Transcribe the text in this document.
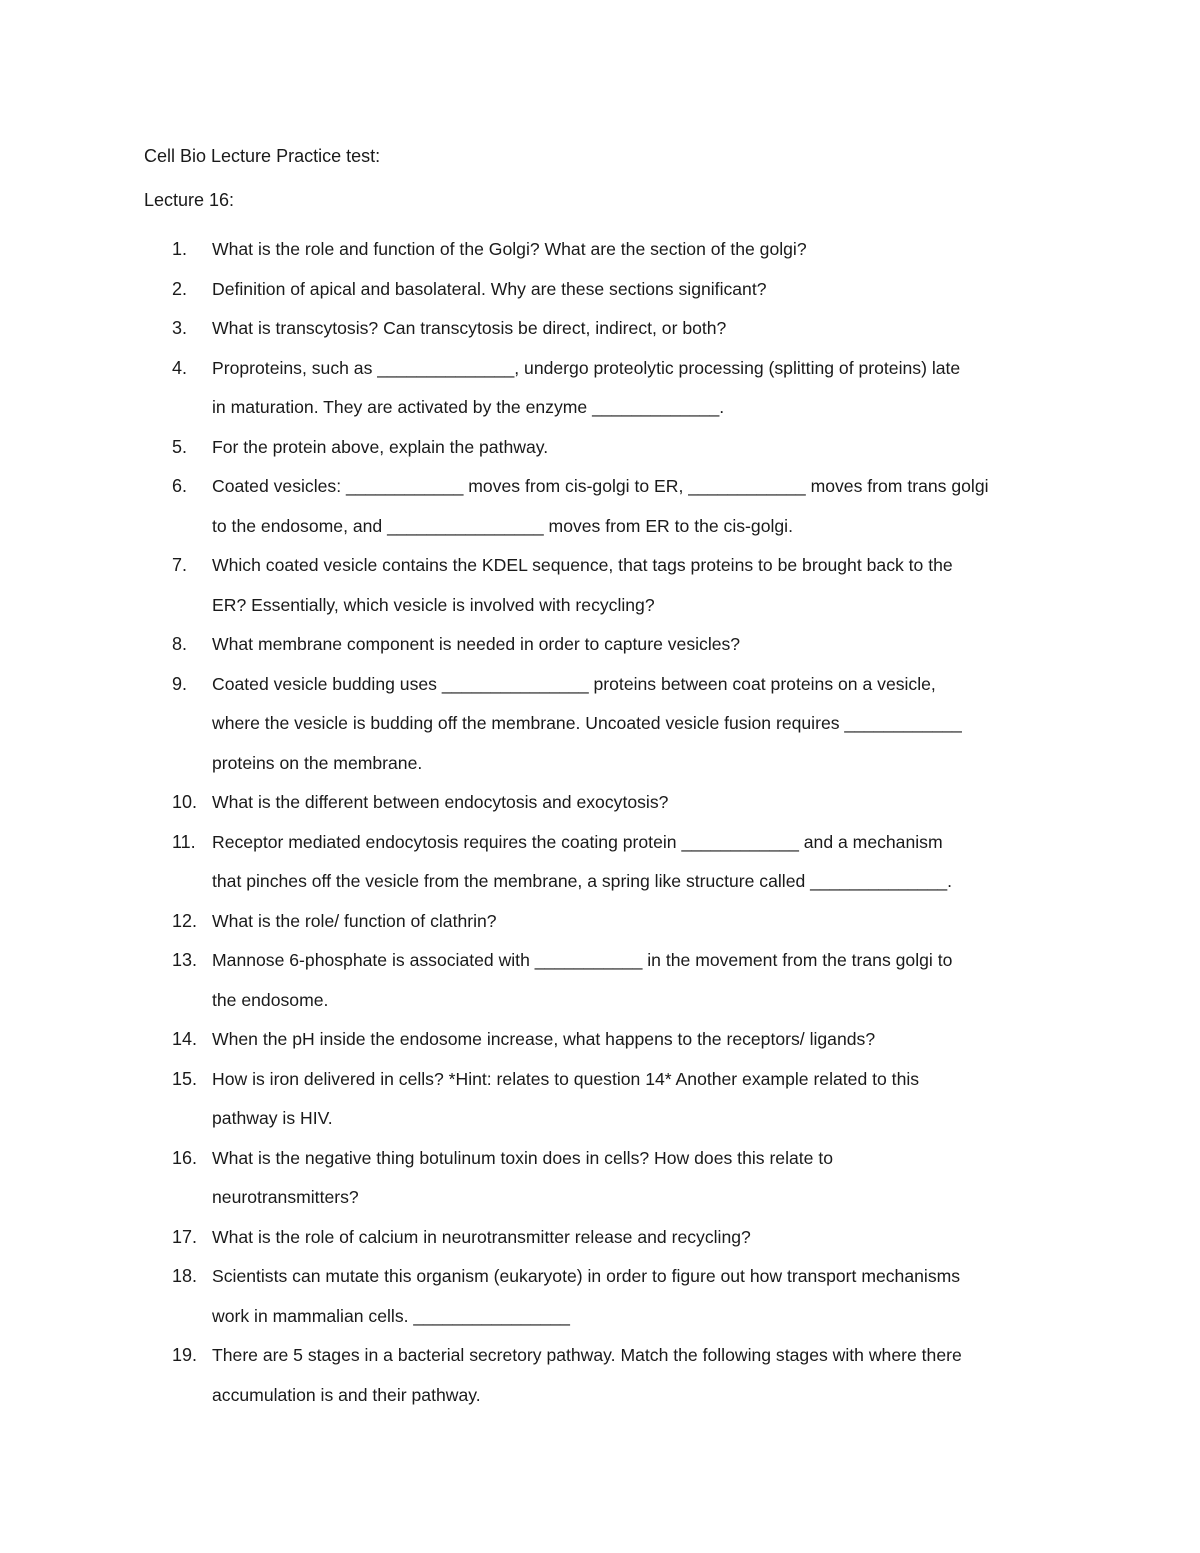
Cell Bio Lecture Practice test:
Lecture 16:
1.	What is the role and function of the Golgi? What are the section of the golgi?
2.	Definition of apical and basolateral. Why are these sections significant?
3.	What is transcytosis? Can transcytosis be direct, indirect, or both?
4.	Proproteins, such as ______________, undergo proteolytic processing (splitting of proteins) late
in maturation. They are activated by the enzyme _____________.
5.	For the protein above, explain the pathway.
6.	Coated vesicles: ____________ moves from cis-golgi to ER, ____________ moves from trans golgi
to the endosome, and ________________ moves from ER to the cis-golgi.
7.	Which coated vesicle contains the KDEL sequence, that tags proteins to be brought back to the
ER? Essentially, which vesicle is involved with recycling?
8.	What membrane component is needed in order to capture vesicles?
9.	Coated vesicle budding uses _______________ proteins between coat proteins on a vesicle,
where the vesicle is budding off the membrane. Uncoated vesicle fusion requires ____________
proteins on the membrane.
10. What is the different between endocytosis and exocytosis?
11. Receptor mediated endocytosis requires the coating protein ____________ and a mechanism
that pinches off the vesicle from the membrane, a spring like structure called ______________.
12. What is the role/ function of clathrin?
13. Mannose 6-phosphate is associated with ___________ in the movement from the trans golgi to
the endosome.
14. When the pH inside the endosome increase, what happens to the receptors/ ligands?
15. How is iron delivered in cells? *Hint: relates to question 14* Another example related to this
pathway is HIV.
16. What is the negative thing botulinum toxin does in cells? How does this relate to
neurotransmitters?
17. What is the role of calcium in neurotransmitter release and recycling?
18. Scientists can mutate this organism (eukaryote) in order to figure out how transport mechanisms
work in mammalian cells. ________________
19. There are 5 stages in a bacterial secretory pathway. Match the following stages with where there
accumulation is and their pathway.
